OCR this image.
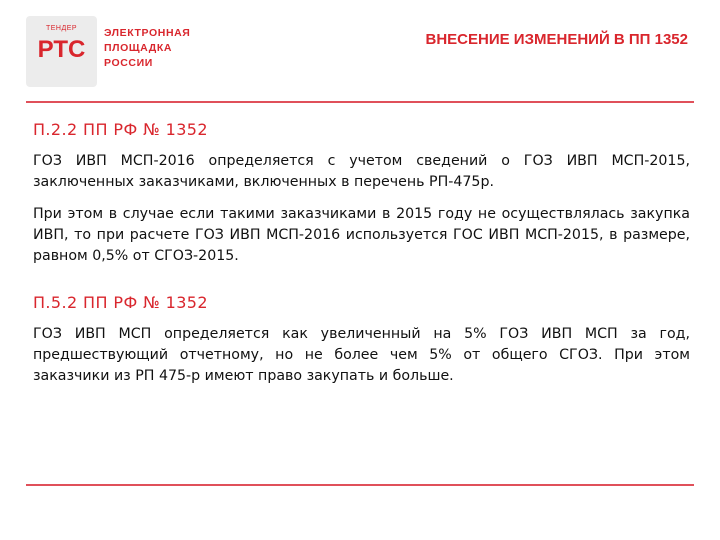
ТЕНДЕР
РТС
ЭЛЕКТРОННАЯ
ПЛОЩАДКА
РОССИИ
ВНЕСЕНИЕ ИЗМЕНЕНИЙ В ПП 1352
П.2.2 ПП РФ № 1352

ГОЗ ИВП МСП-2016 определяется с учетом сведений о ГОЗ ИВП МСП-2015, заключенных заказчиками, включенных в перечень РП-475р.

При этом в случае если такими заказчиками в 2015 году не осуществлялась закупка ИВП, то при расчете ГОЗ ИВП МСП-2016 используется ГОС ИВП МСП-2015, в размере, равном 0,5% от СГОЗ-2015.

П.5.2 ПП РФ № 1352

ГОЗ ИВП МСП определяется как увеличенный на 5% ГОЗ ИВП МСП за год, предшествующий отчетному, но не более чем 5% от общего СГОЗ. При этом заказчики из РП 475-р имеют право закупать и больше.
